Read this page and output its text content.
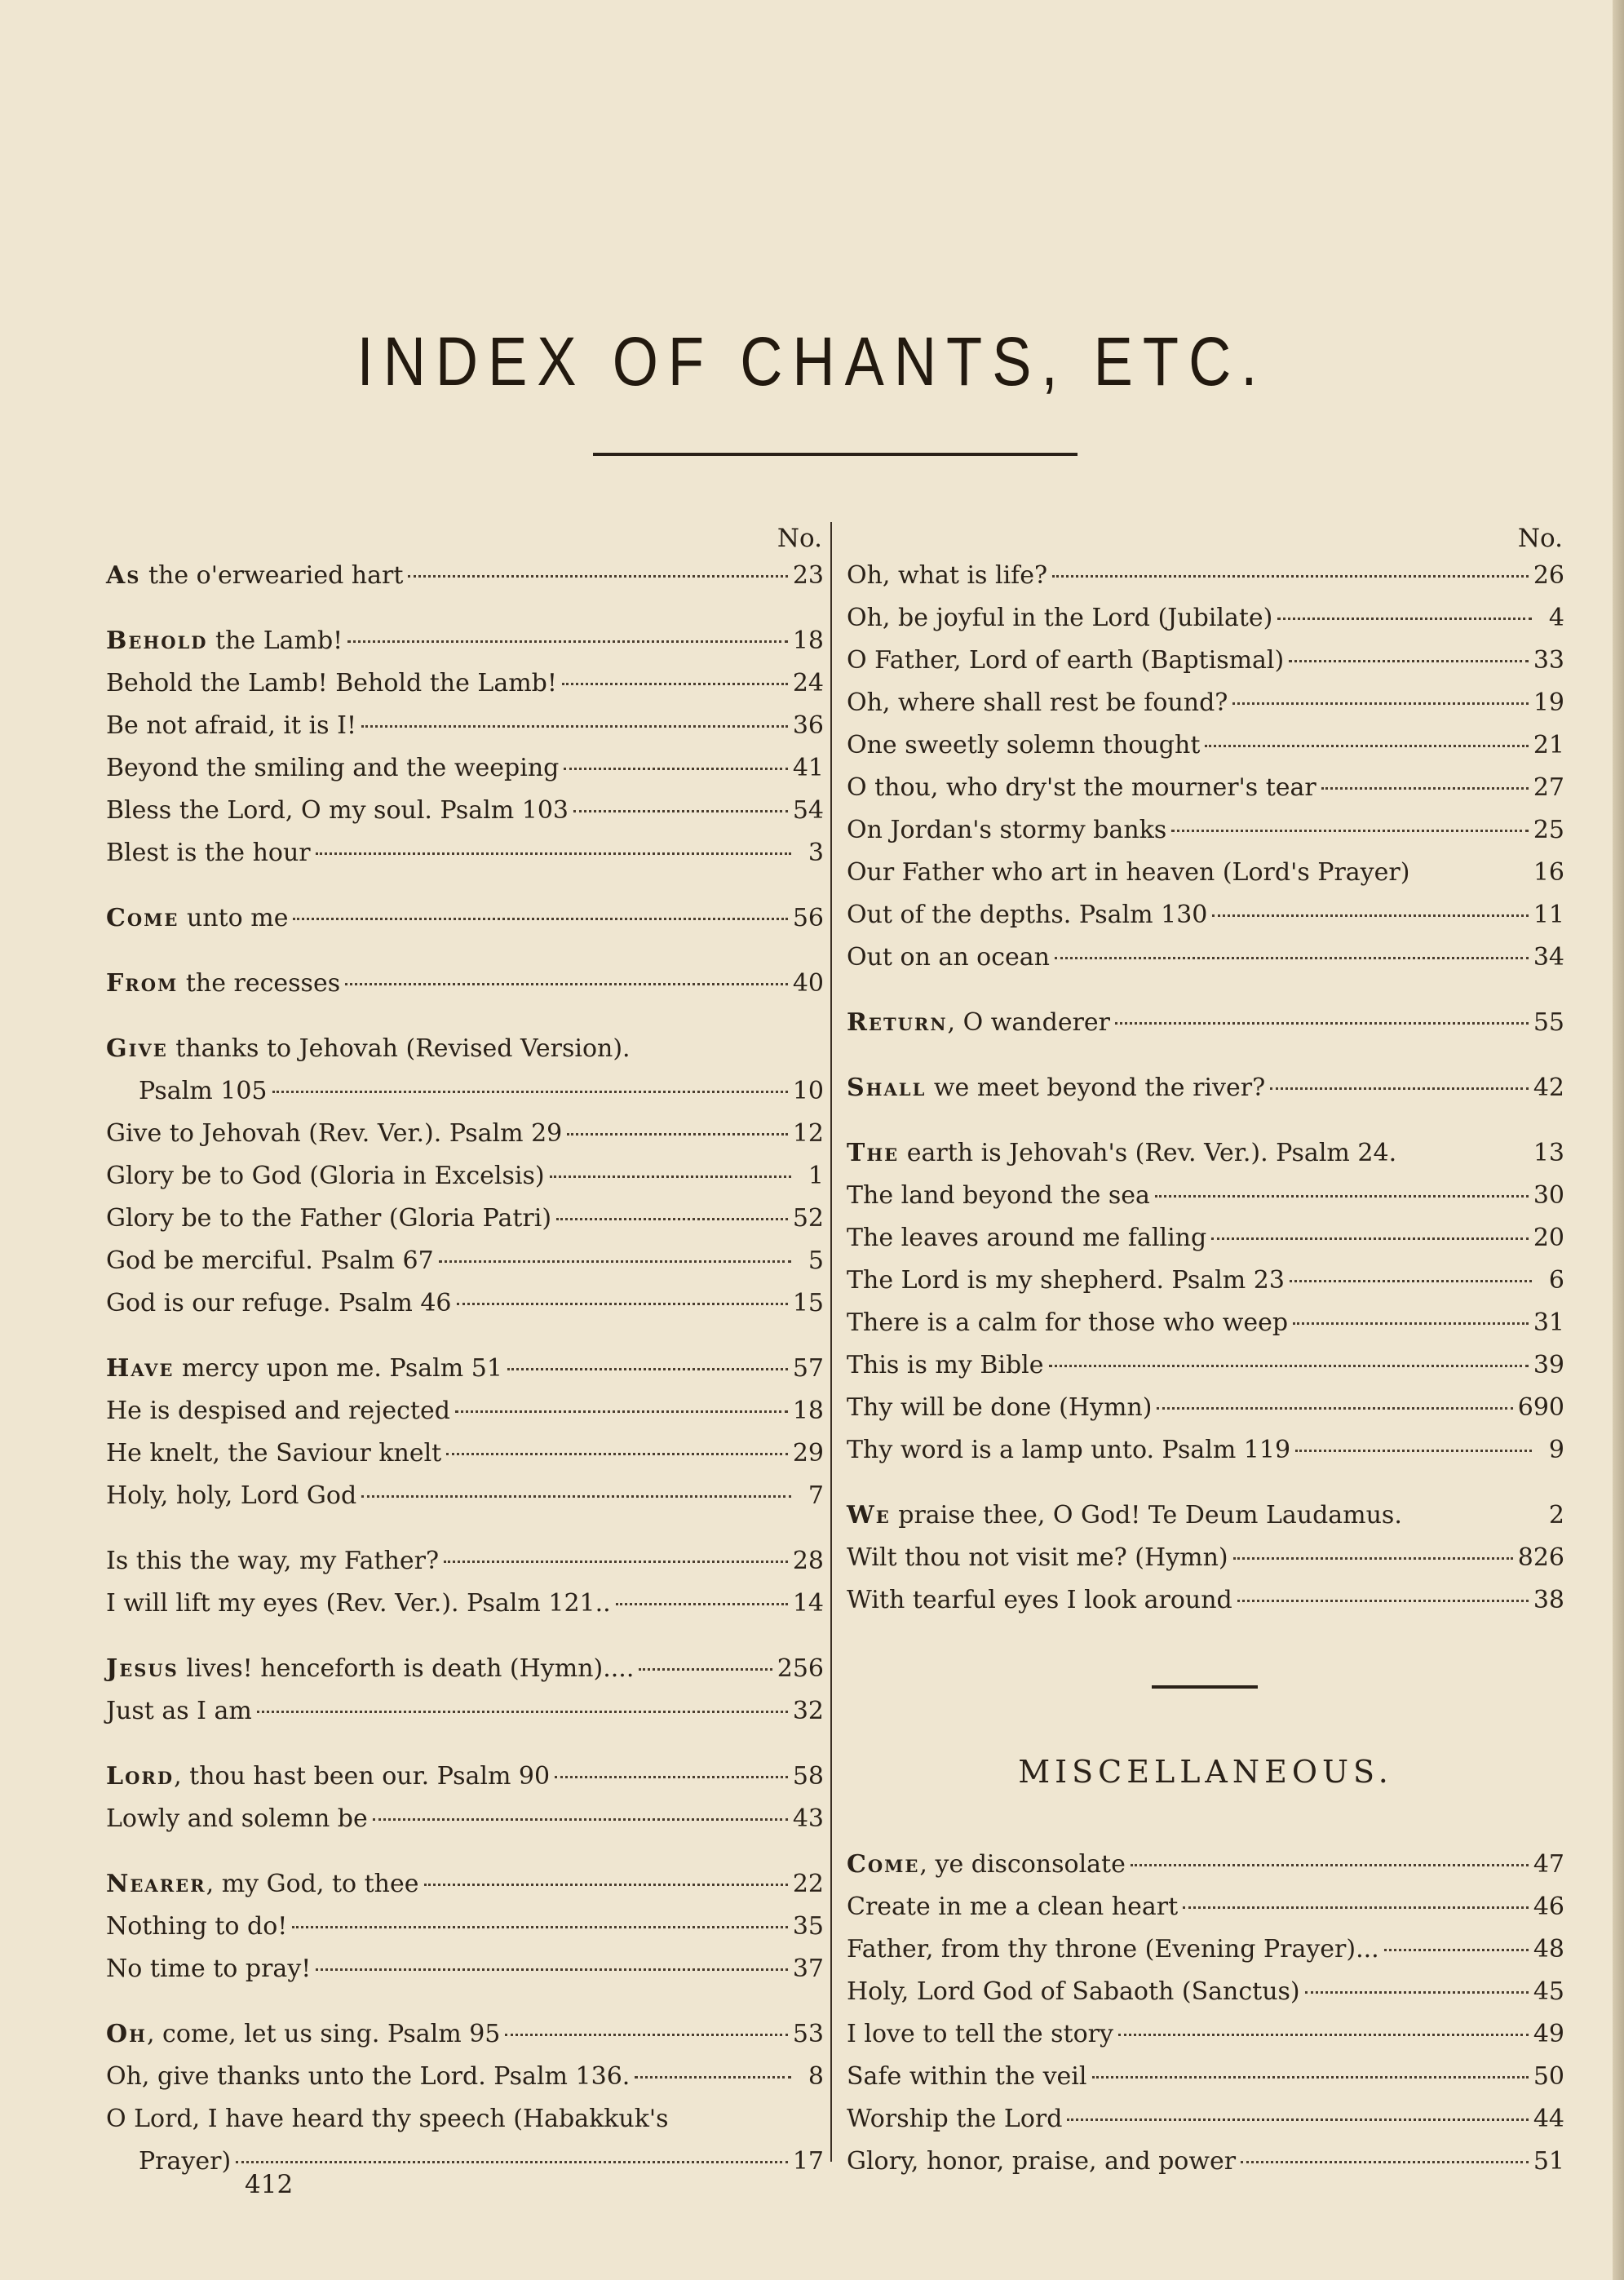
INDEX OF CHANTS, ETC.
No.
As the o'erwearied hart	23
Behold the Lamb!	18
Behold the Lamb! Behold the Lamb!	24
Be not afraid, it is I!	36
Beyond the smiling and the weeping	41
Bless the Lord, O my soul. Psalm 103	54
Blest is the hour	3
Come unto me	56
From the recesses	40
Give thanks to Jehovah (Revised Version).
Psalm 105	10
Give to Jehovah (Rev. Ver.). Psalm 29	12
Glory be to God (Gloria in Excelsis)	1
Glory be to the Father (Gloria Patri)	52
God be merciful. Psalm 67	5
God is our refuge. Psalm 46	15
Have mercy upon me. Psalm 51	57
He is despised and rejected	18
He knelt, the Saviour knelt	29
Holy, holy, Lord God	7
Is this the way, my Father?	28
I will lift my eyes (Rev. Ver.). Psalm 121..	14
Jesus lives! henceforth is death (Hymn)....	256
Just as I am	32
Lord, thou hast been our. Psalm 90	58
Lowly and solemn be	43
Nearer, my God, to thee	22
Nothing to do!	35
No time to pray!	37
Oh, come, let us sing. Psalm 95	53
Oh, give thanks unto the Lord. Psalm 136.	8
O Lord, I have heard thy speech (Habakkuk's
Prayer)	17
No.
Oh, what is life?	26
Oh, be joyful in the Lord (Jubilate)	4
O Father, Lord of earth (Baptismal)	33
Oh, where shall rest be found?	19
One sweetly solemn thought	21
O thou, who dry'st the mourner's tear	27
On Jordan's stormy banks	25
Our Father who art in heaven (Lord's Prayer)	16
Out of the depths. Psalm 130	11
Out on an ocean	34
Return, O wanderer	55
Shall we meet beyond the river?	42
The earth is Jehovah's (Rev. Ver.). Psalm 24.	13
The land beyond the sea	30
The leaves around me falling	20
The Lord is my shepherd. Psalm 23	6
There is a calm for those who weep	31
This is my Bible	39
Thy will be done (Hymn)	690
Thy word is a lamp unto. Psalm 119	9
We praise thee, O God! Te Deum Laudamus.	2
Wilt thou not visit me? (Hymn)	826
With tearful eyes I look around	38
MISCELLANEOUS.
Come, ye disconsolate	47
Create in me a clean heart	46
Father, from thy throne (Evening Prayer)...	48
Holy, Lord God of Sabaoth (Sanctus)	45
I love to tell the story	49
Safe within the veil	50
Worship the Lord	44
Glory, honor, praise, and power	51
412
